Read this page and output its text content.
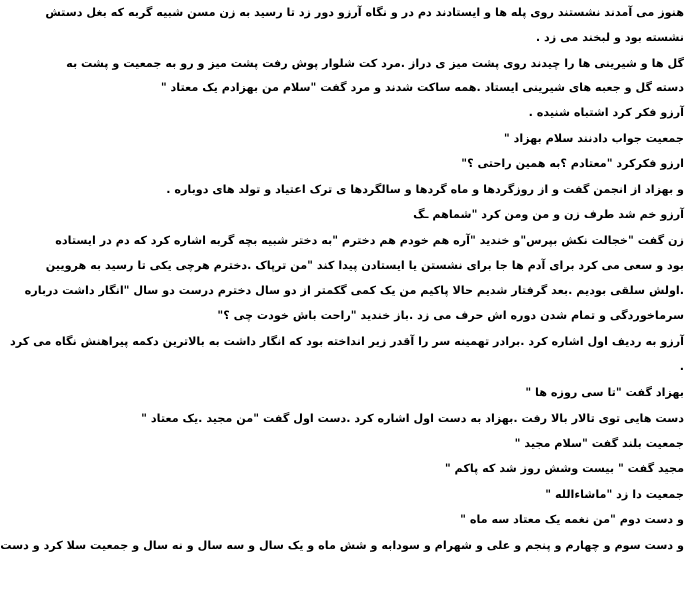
هنوز می آمدند نشستند روی پله ها و ایستادند دم در و نگاه آرزو دور زد تا رسید به زن مسن شبیه گربه که بغل دستش
نشسته بود و لبخند می زد .
گل ها و شیرینی ها را چیدند روی پشت میز ی دراز .مرد کت شلوار پوش رفت پشت میز و رو به جمعیت و پشت به
دسته گل و جعبه های شیرینی ایستاد .همه ساکت شدند و مرد گفت "سلام من بهزادم یک معتاد "
آرزو فکر کرد اشتباه شنیده .
جمعیت جواب دادنند سلام بهزاد "
ارزو فکرکرد "معتادم ؟به همین راحتی ؟"
و بهزاد از انجمن گفت و از روزگردها و ماه گردها و سالگردها ی ترک اعتیاد و تولد های دوباره .
آرزو خم شد طرف زن و من ومن کرد "شماهم ـگ
زن گفت "خجالت نکش بپرس"و خندید "آره هم خودم هم دخترم "به دختر شبیه بچه گربه اشاره کرد که دم در ایستاده
بود و سعی می کرد برای آدم ها جا برای نشستن یا ایستادن پیدا کند "من ترپاک .دخترم هرچی یکی تا رسید به هرویین
.اولش سلقی بودیم .بعد گرفتار شدیم حالا پاکیم من یک کمی گکمتر از دو سال دخترم درست دو سال "انگار داشت درباره
سرماخوردگی و تمام شدن دوره اش حرف می زد .باز خندید "راحت باش خودت چی ؟"
آرزو به ردیف اول اشاره کرد .برادر تهمینه سر را آقدر زیر انداخته بود که انگار داشت به بالاترین دکمه پیراهنش نگاه می کرد
.
بهزاد گفت "تا سی روزه ها "
دست هایی توی تالار بالا رفت .بهزاد به دست اول اشاره کرد .دست اول گفت "من مجید .یک معتاد "
جمعیت بلند گفت "سلام مجید "
مجید گفت " بیست وشش روز شد که پاکم "
جمعیت دا زد "ماشاءالله "
و دست دوم "من نغمه یک معتاد سه ماه "
و دست سوم و چهارم و پنجم و علی و شهرام و سودابه و شش ماه و یک سال و سه سال و نه سال و جمعیت سلا کرد و دست
